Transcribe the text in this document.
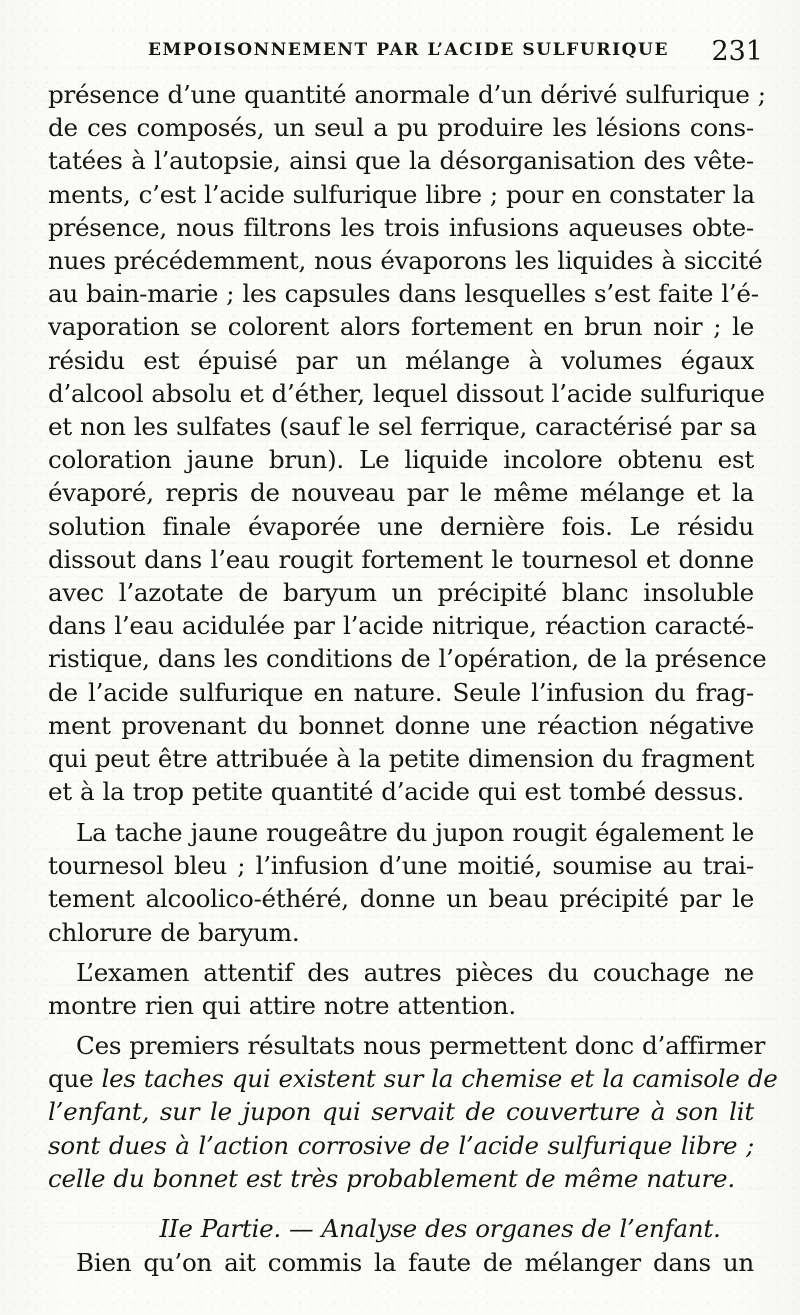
EMPOISONNEMENT PAR L’ACIDE SULFURIQUE 231
présence d’une quantité anormale d’un dérivé sulfurique ;
de ces composés, un seul a pu produire les lésions cons-
tatées à l’autopsie, ainsi que la désorganisation des vête-
ments, c’est l’acide sulfurique libre ; pour en constater la
présence, nous filtrons les trois infusions aqueuses obte-
nues précédemment, nous évaporons les liquides à siccité
au bain-marie ; les capsules dans lesquelles s’est faite l’é-
vaporation se colorent alors fortement en brun noir ; le
résidu est épuisé par un mélange à volumes égaux
d’alcool absolu et d’éther, lequel dissout l’acide sulfurique
et non les sulfates (sauf le sel ferrique, caractérisé par sa
coloration jaune brun). Le liquide incolore obtenu est
évaporé, repris de nouveau par le même mélange et la
solution finale évaporée une dernière fois. Le résidu
dissout dans l’eau rougit fortement le tournesol et donne
avec l’azotate de baryum un précipité blanc insoluble
dans l’eau acidulée par l’acide nitrique, réaction caracté-
ristique, dans les conditions de l’opération, de la présence
de l’acide sulfurique en nature. Seule l’infusion du frag-
ment provenant du bonnet donne une réaction négative
qui peut être attribuée à la petite dimension du fragment
et à la trop petite quantité d’acide qui est tombé dessus.
La tache jaune rougeâtre du jupon rougit également le
tournesol bleu ; l’infusion d’une moitié, soumise au trai-
tement alcoolico-éthéré, donne un beau précipité par le
chlorure de baryum.
L’examen attentif des autres pièces du couchage ne
montre rien qui attire notre attention.
Ces premiers résultats nous permettent donc d’affirmer
que les taches qui existent sur la chemise et la camisole de
l’enfant, sur le jupon qui servait de couverture à son lit
sont dues à l’action corrosive de l’acide sulfurique libre ;
celle du bonnet est très probablement de même nature.
IIe Partie. — Analyse des organes de l’enfant.
Bien qu’on ait commis la faute de mélanger dans un
